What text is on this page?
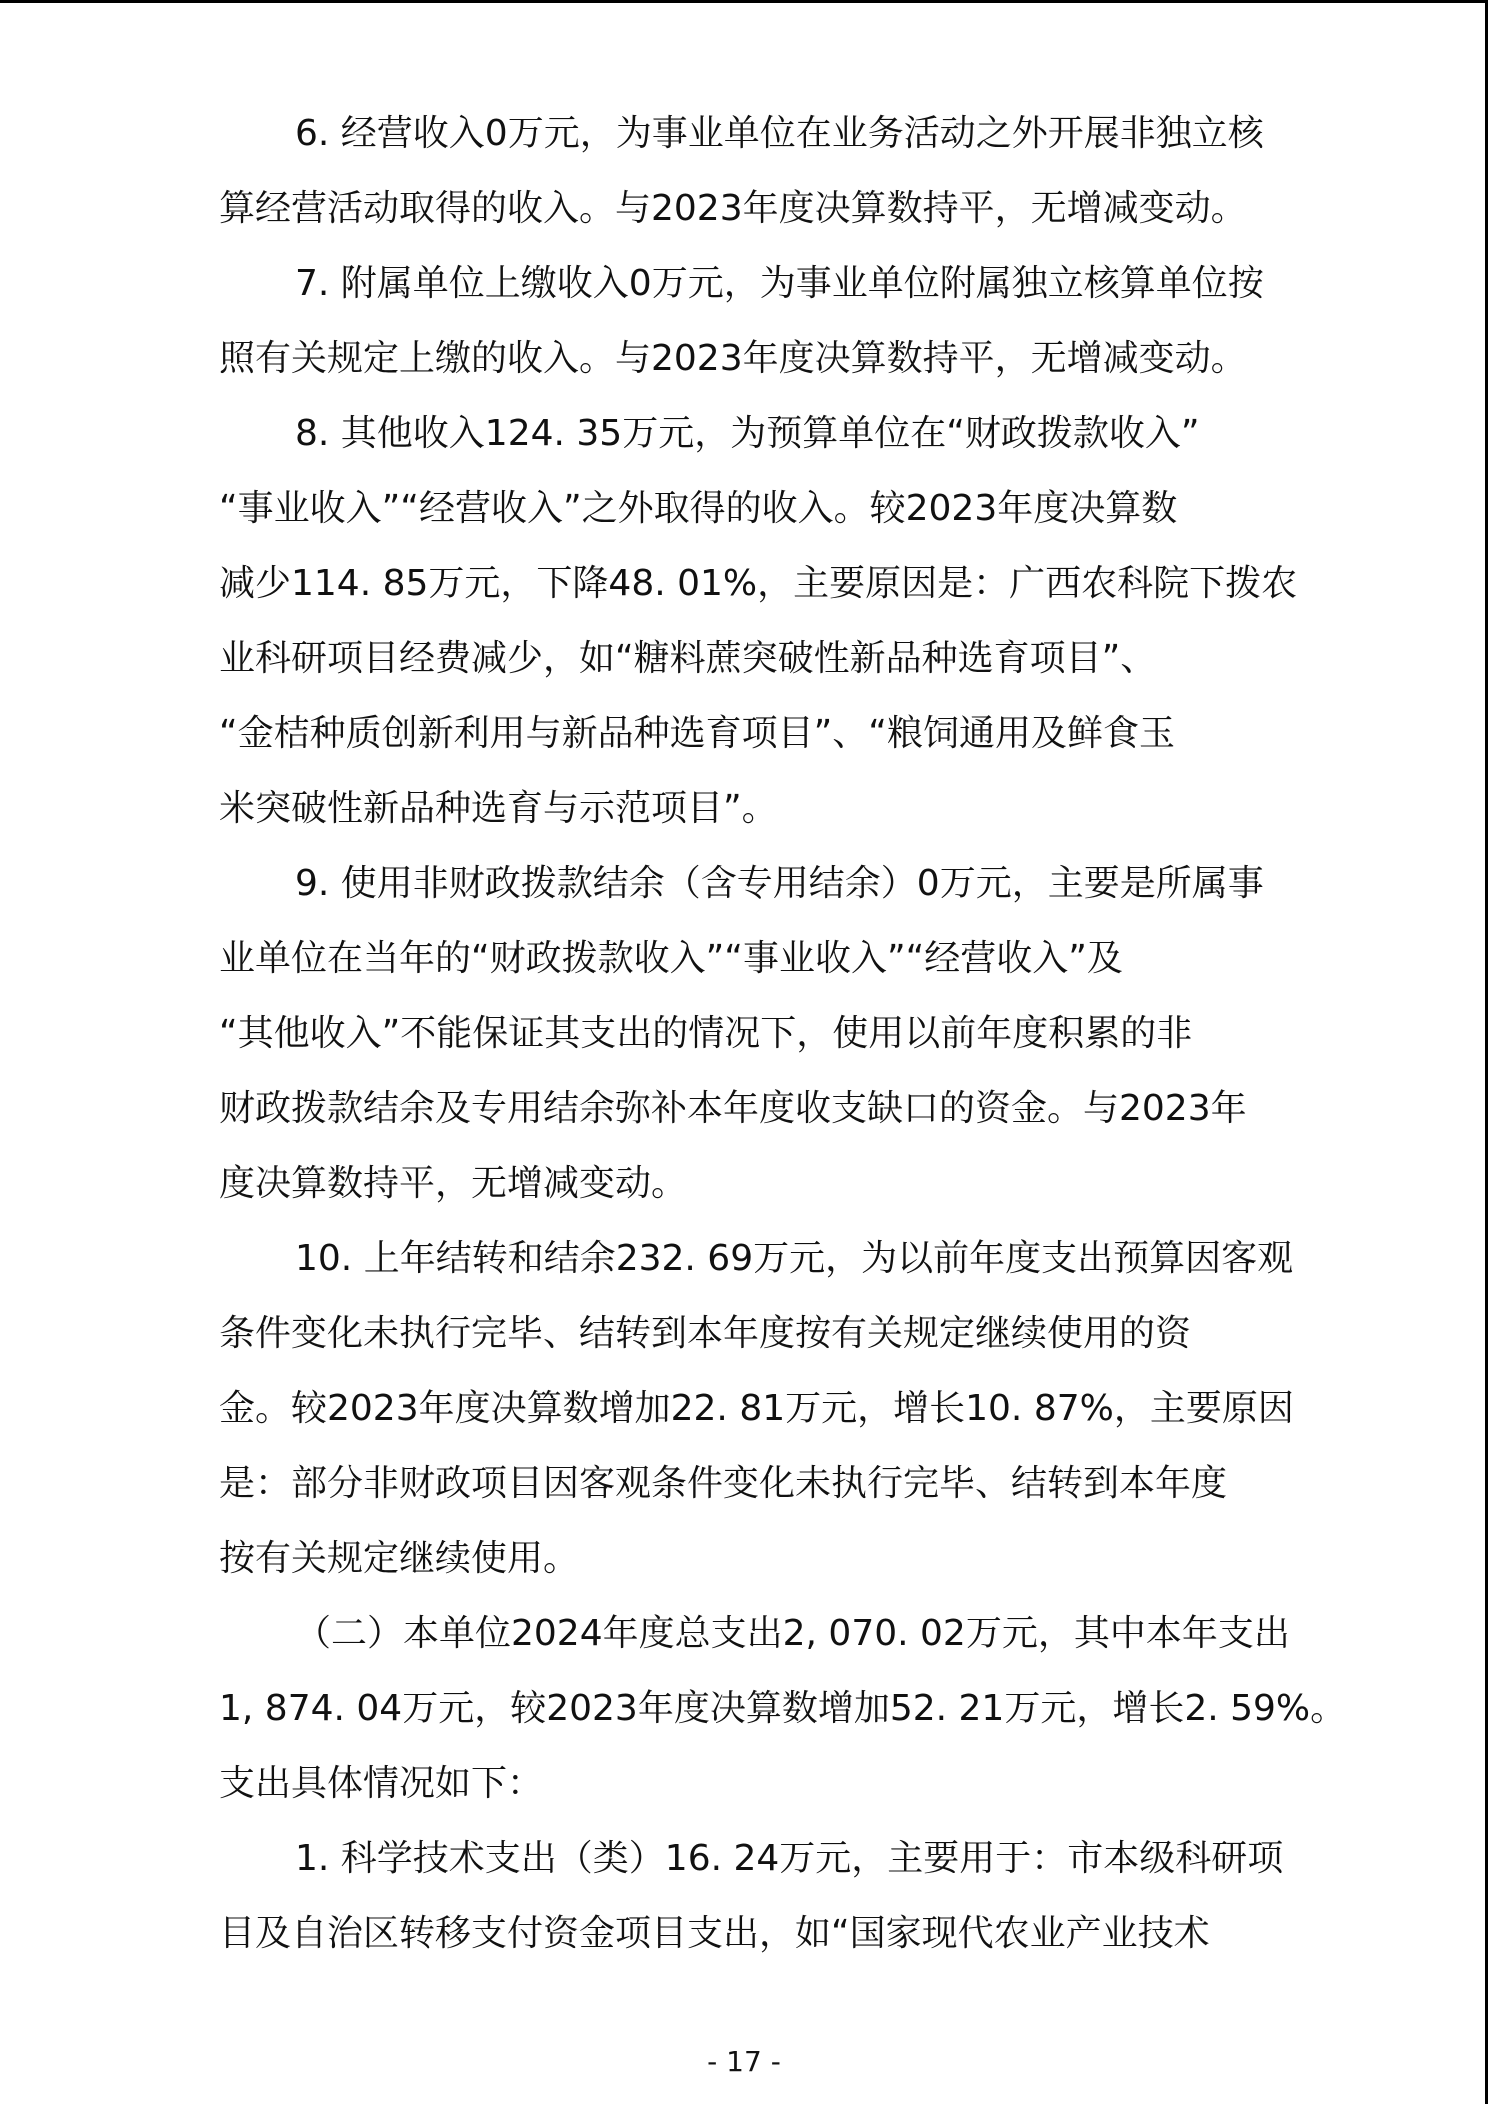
6. 经营收入0万元，为事业单位在业务活动之外开展非独立核
算经营活动取得的收入。与2023年度决算数持平，无增减变动。
7. 附属单位上缴收入0万元，为事业单位附属独立核算单位按
照有关规定上缴的收入。与2023年度决算数持平，无增减变动。
8. 其他收入124. 35万元，为预算单位在“财政拨款收入”
“事业收入”“经营收入”之外取得的收入。较2023年度决算数
减少114. 85万元，下降48. 01%，主要原因是：广西农科院下拨农
业科研项目经费减少，如“糖料蔗突破性新品种选育项目”、
“金桔种质创新利用与新品种选育项目”、“粮饲通用及鲜食玉
米突破性新品种选育与示范项目”。
9. 使用非财政拨款结余（含专用结余）0万元，主要是所属事
业单位在当年的“财政拨款收入”“事业收入”“经营收入”及
“其他收入”不能保证其支出的情况下，使用以前年度积累的非
财政拨款结余及专用结余弥补本年度收支缺口的资金。与2023年
度决算数持平，无增减变动。
10. 上年结转和结余232. 69万元，为以前年度支出预算因客观
条件变化未执行完毕、结转到本年度按有关规定继续使用的资
金。较2023年度决算数增加22. 81万元，增长10. 87%，主要原因
是：部分非财政项目因客观条件变化未执行完毕、结转到本年度
按有关规定继续使用。
（二）本单位2024年度总支出2, 070. 02万元，其中本年支出
1, 874. 04万元，较2023年度决算数增加52. 21万元，增长2. 59%。
支出具体情况如下：
1. 科学技术支出（类）16. 24万元，主要用于：市本级科研项
目及自治区转移支付资金项目支出，如“国家现代农业产业技术
- 17 -
